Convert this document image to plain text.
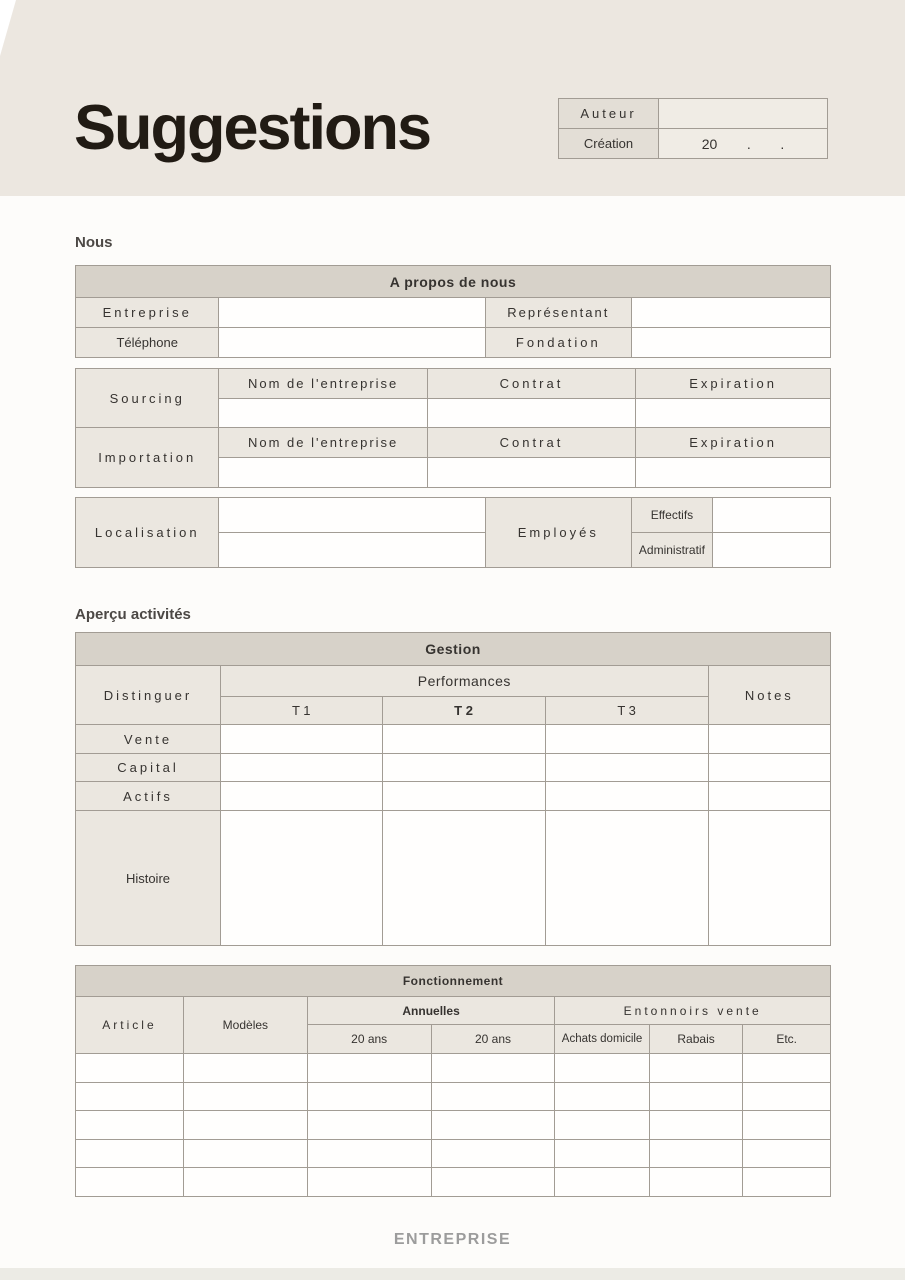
Suggestions	Auteur	
Création	20 . .
Nous
A propos de nous			
Entreprise		Représentant	
Téléphone		Fondation	
Sourcing	Nom de l'entreprise	Contrat	Expiration

Importation	Nom de l'entreprise	Contrat	Expiration

Localisation		Employés	Effectifs	
			Administratif	
Aperçu activités
Gestion				
Distinguer	Performances			Notes
	T 1	T 2	T 3	
Vente				
Capital				
Actifs				
Histoire				
Fonctionnement						
Article	Modèles	Annuelles		Entonnoirs vente		
		20 ans	20 ans	Achats domicile	Rabais	Etc.

ENTREPRISE
